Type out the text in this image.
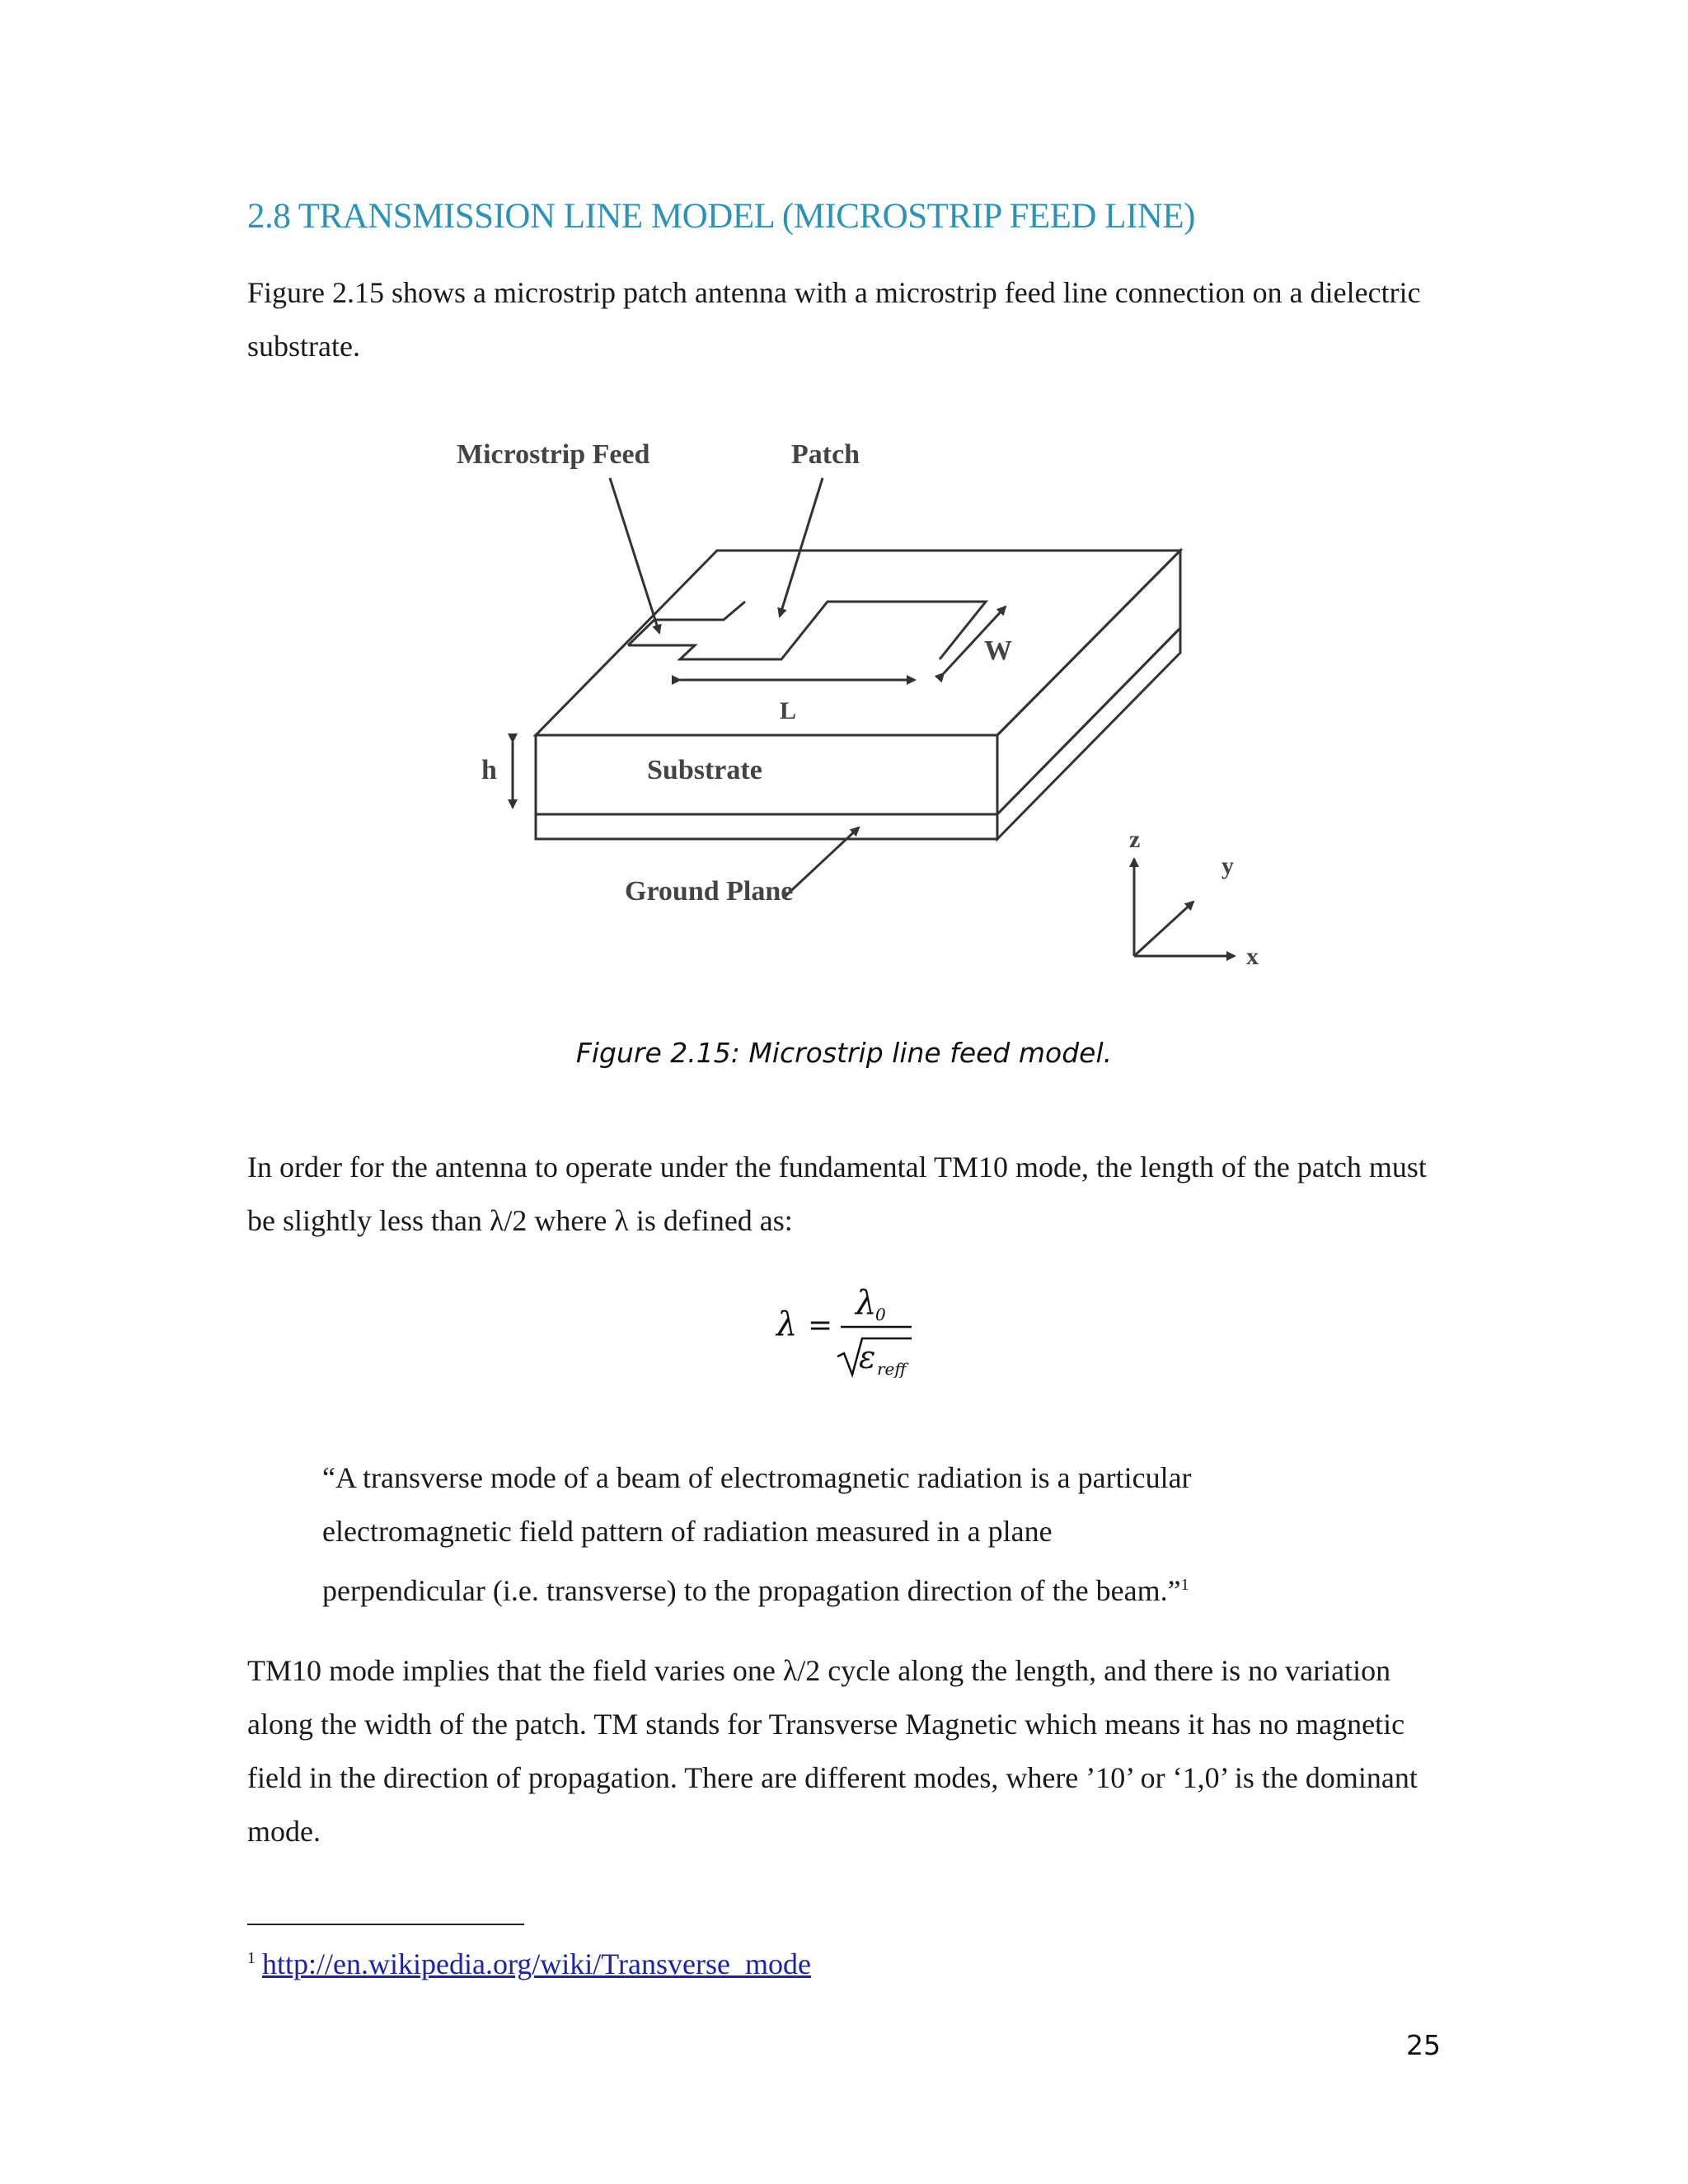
2.8 TRANSMISSION LINE MODEL (MICROSTRIP FEED LINE)

Figure 2.15 shows a microstrip patch antenna with a microstrip feed line connection on a dielectric substrate.

Microstrip Feed	Patch
W
L
h	Substrate
Ground Plane
z
y
x
Figure 2.15: Microstrip line feed model.

In order for the antenna to operate under the fundamental TM10 mode, the length of the patch must be slightly less than λ/2 where λ is defined as:

λ =
λ
0
ε reff
“A transverse mode of a beam of electromagnetic radiation is a particular
electromagnetic field pattern of radiation measured in a plane
perpendicular (i.e. transverse) to the propagation direction of the beam.”$^1$

TM10 mode implies that the field varies one λ/2 cycle along the length, and there is no variation along the width of the patch. TM stands for Transverse Magnetic which means it has no magnetic field in the direction of propagation. There are different modes, where ’10’ or ‘1,0’ is the dominant mode.

$^1$ http://en.wikipedia.org/wiki/Transverse_mode
25
